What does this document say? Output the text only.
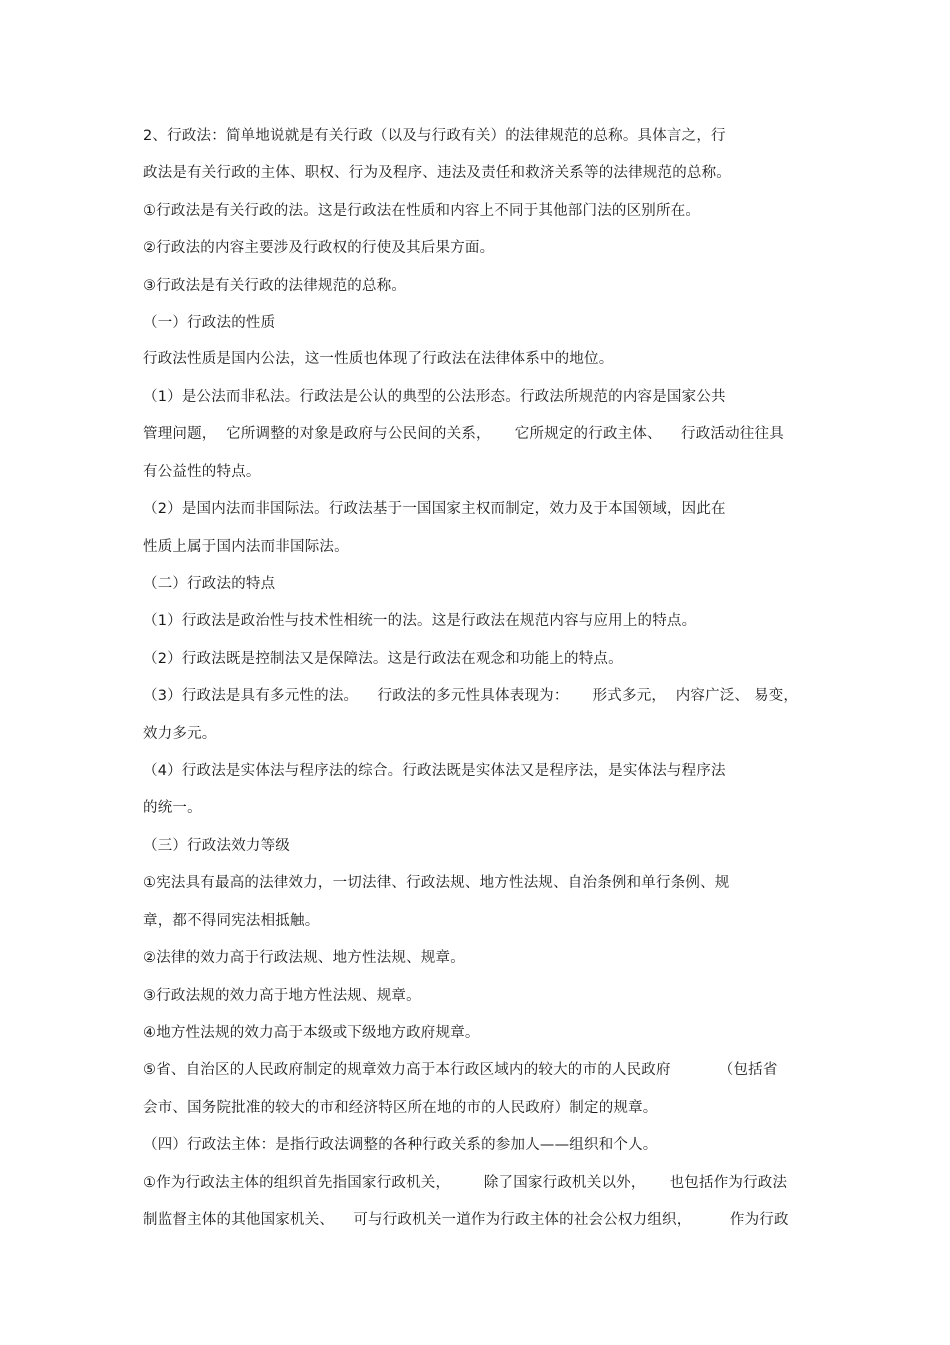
2、行政法：简单地说就是有关行政（以及与行政有关）的法律规范的总称。具体言之，行
政法是有关行政的主体、职权、行为及程序、违法及责任和救济关系等的法律规范的总称。
①行政法是有关行政的法。这是行政法在性质和内容上不同于其他部门法的区别所在。
②行政法的内容主要涉及行政权的行使及其后果方面。
③行政法是有关行政的法律规范的总称。
（一）行政法的性质
行政法性质是国内公法，这一性质也体现了行政法在法律体系中的地位。
（1）是公法而非私法。行政法是公认的典型的公法形态。行政法所规范的内容是国家公共
管理问题，  它所调整的对象是政府与公民间的关系，     它所规定的行政主体、    行政活动往往具
有公益性的特点。
（2）是国内法而非国际法。行政法基于一国国家主权而制定，效力及于本国领域，因此在
性质上属于国内法而非国际法。
（二）行政法的特点
（1）行政法是政治性与技术性相统一的法。这是行政法在规范内容与应用上的特点。
（2）行政法既是控制法又是保障法。这是行政法在观念和功能上的特点。
（3）行政法是具有多元性的法。    行政法的多元性具体表现为：     形式多元，  内容广泛、 易变，
效力多元。
（4）行政法是实体法与程序法的综合。行政法既是实体法又是程序法，是实体法与程序法
的统一。
（三）行政法效力等级
①宪法具有最高的法律效力，一切法律、行政法规、地方性法规、自治条例和单行条例、规
章，都不得同宪法相抵触。
②法律的效力高于行政法规、地方性法规、规章。
③行政法规的效力高于地方性法规、规章。
④地方性法规的效力高于本级或下级地方政府规章。
⑤省、自治区的人民政府制定的规章效力高于本行政区域内的较大的市的人民政府          （包括省
会市、国务院批准的较大的市和经济特区所在地的市的人民政府）制定的规章。
（四）行政法主体：是指行政法调整的各种行政关系的参加人——组织和个人。
①作为行政法主体的组织首先指国家行政机关，       除了国家行政机关以外，     也包括作为行政法
制监督主体的其他国家机关、    可与行政机关一道作为行政主体的社会公权力组织，        作为行政
